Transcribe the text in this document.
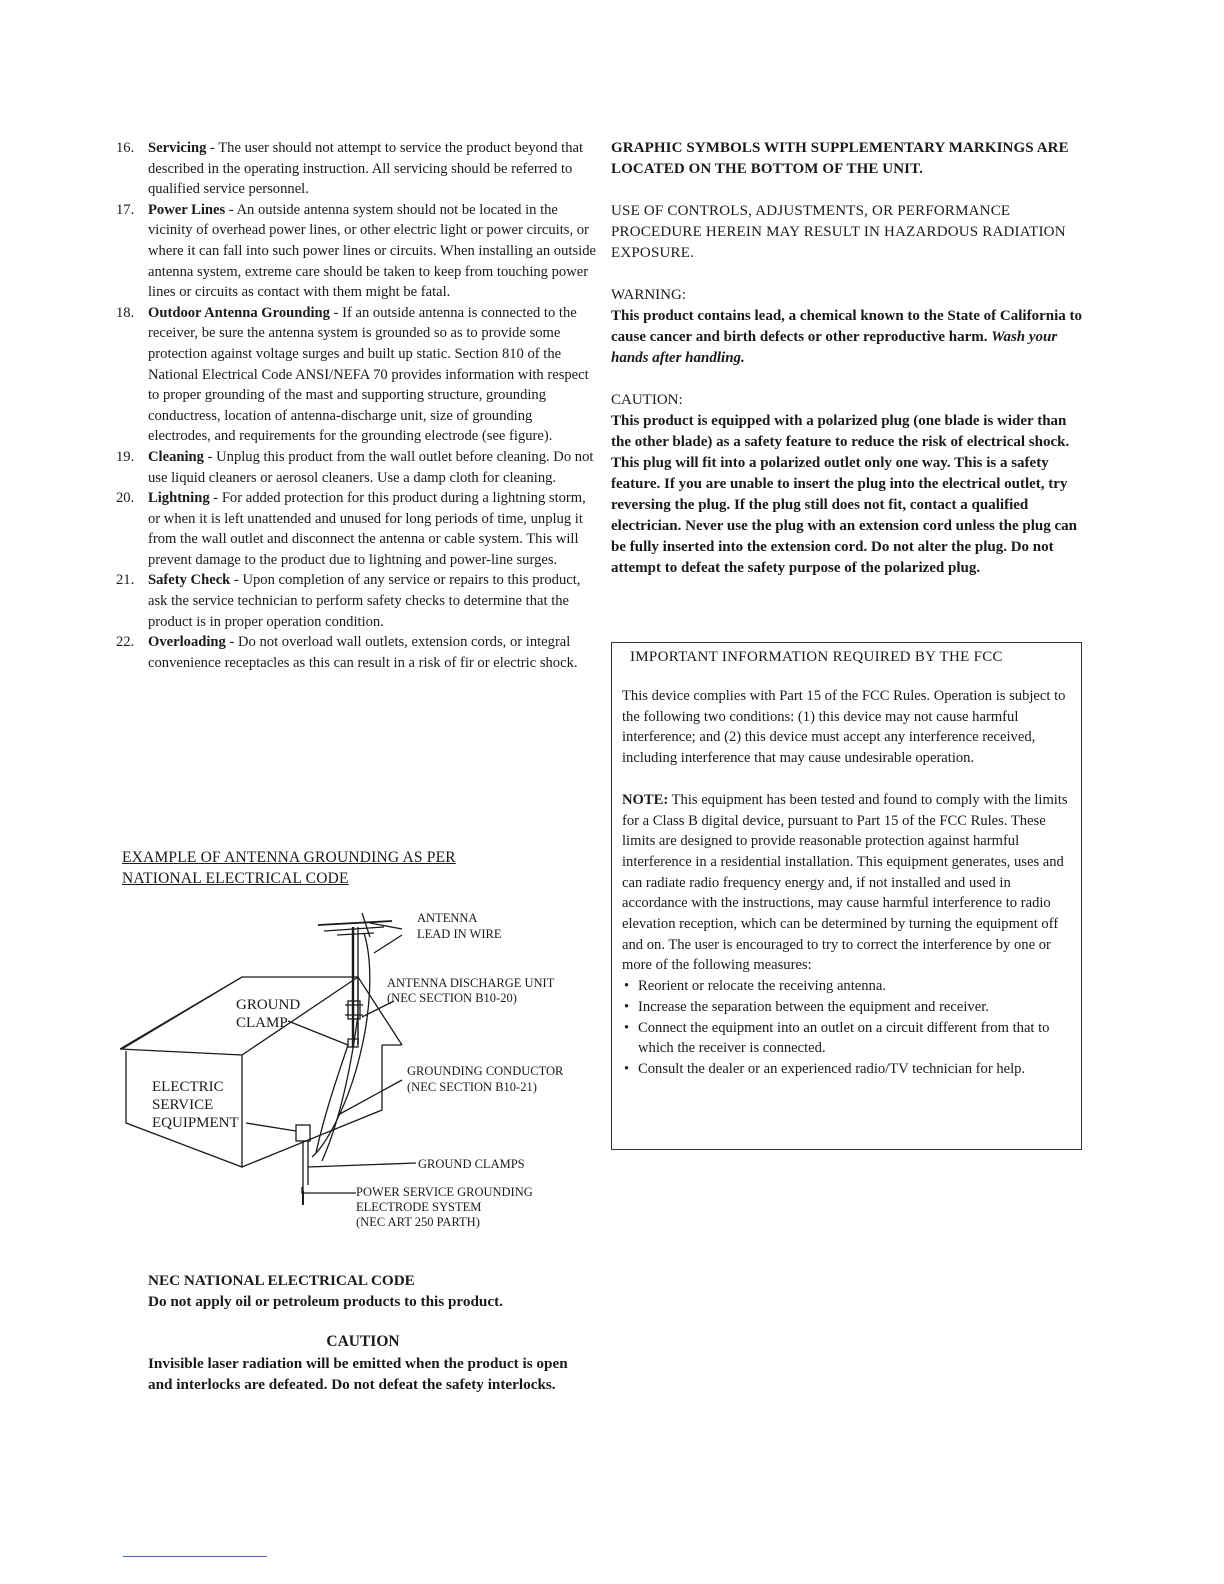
16. Servicing - The user should not attempt to service the product beyond that described in the operating instruction. All servicing should be referred to qualified service personnel.

17. Power Lines - An outside antenna system should not be located in the vicinity of overhead power lines, or other electric light or power circuits, or where it can fall into such power lines or circuits. When installing an outside antenna system, extreme care should be taken to keep from touching power lines or circuits as contact with them might be fatal.

18. Outdoor Antenna Grounding - If an outside antenna is connected to the receiver, be sure the antenna system is grounded so as to provide some protection against voltage surges and built up static. Section 810 of the National Electrical Code ANSI/NEFA 70 provides information with respect to proper grounding of the mast and supporting structure, grounding conductress, location of antenna-discharge unit, size of grounding electrodes, and requirements for the grounding electrode (see figure).

19. Cleaning - Unplug this product from the wall outlet before cleaning. Do not use liquid cleaners or aerosol cleaners. Use a damp cloth for cleaning.

20. Lightning - For added protection for this product during a lightning storm, or when it is left unattended and unused for long periods of time, unplug it from the wall outlet and disconnect the antenna or cable system. This will prevent damage to the product due to lightning and power-line surges.

21. Safety Check - Upon completion of any service or repairs to this product, ask the service technician to perform safety checks to determine that the product is in proper operation condition.

22. Overloading - Do not overload wall outlets, extension cords, or integral convenience receptacles as this can result in a risk of fir or electric shock.

EXAMPLE OF ANTENNA GROUNDING AS PER
NATIONAL ELECTRICAL CODE
ANTENNA
LEAD IN WIRE
ANTENNA DISCHARGE UNIT
(NEC SECTION B10-20)
GROUNDING CONDUCTOR
(NEC SECTION B10-21)
GROUND CLAMPS
POWER SERVICE GROUNDING
ELECTRODE SYSTEM
(NEC ART 250 PARTH)
GROUND
CLAMP
ELECTRIC
SERVICE
EQUIPMENT

NEC NATIONAL ELECTRICAL CODE

Do not apply oil or petroleum products to this product.

CAUTION

Invisible laser radiation will be emitted when the product is open and interlocks are defeated. Do not defeat the safety interlocks.

GRAPHIC SYMBOLS WITH SUPPLEMENTARY MARKINGS ARE LOCATED ON THE BOTTOM OF THE UNIT.

USE OF CONTROLS, ADJUSTMENTS, OR PERFORMANCE PROCEDURE HEREIN MAY RESULT IN HAZARDOUS RADIATION EXPOSURE.

WARNING:

This product contains lead, a chemical known to the State of California to cause cancer and birth defects or other reproductive harm. Wash your hands after handling.

CAUTION:

This product is equipped with a polarized plug (one blade is wider than the other blade) as a safety feature to reduce the risk of electrical shock. This plug will fit into a polarized outlet only one way. This is a safety feature. If you are unable to insert the plug into the electrical outlet, try reversing the plug. If the plug still does not fit, contact a qualified electrician. Never use the plug with an extension cord unless the plug can be fully inserted into the extension cord. Do not alter the plug. Do not attempt to defeat the safety purpose of the polarized plug.

IMPORTANT INFORMATION REQUIRED BY THE FCC

This device complies with Part 15 of the FCC Rules. Operation is subject to the following two conditions: (1) this device may not cause harmful interference; and (2) this device must accept any interference received, including interference that may cause undesirable operation.

NOTE: This equipment has been tested and found to comply with the limits for a Class B digital device, pursuant to Part 15 of the FCC Rules. These limits are designed to provide reasonable protection against harmful interference in a residential installation. This equipment generates, uses and can radiate radio frequency energy and, if not installed and used in accordance with the instructions, may cause harmful interference to radio elevation reception, which can be determined by turning the equipment off and on. The user is encouraged to try to correct the interference by one or more of the following measures:

• Reorient or relocate the receiving antenna.
• Increase the separation between the equipment and receiver.
• Connect the equipment into an outlet on a circuit different from that to which the receiver is connected.
• Consult the dealer or an experienced radio/TV technician for help.
